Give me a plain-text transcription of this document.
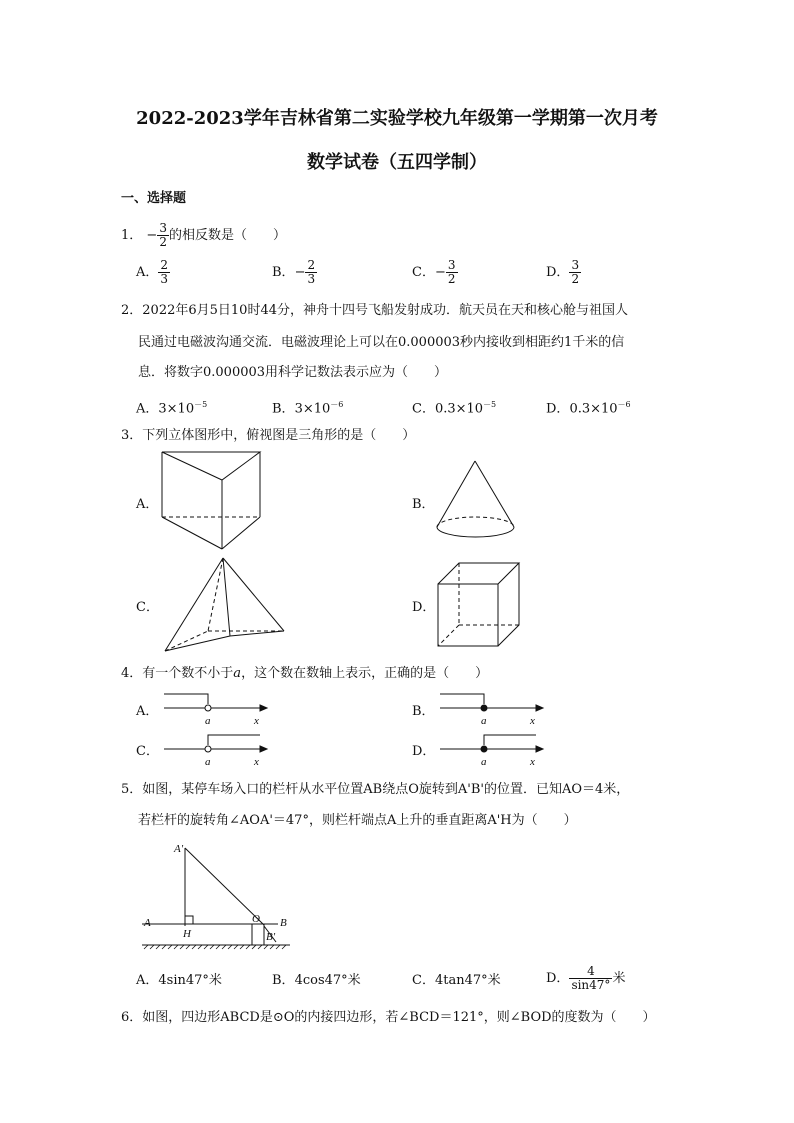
2022-2023学年吉林省第二实验学校九年级第一学期第一次月考
数学试卷（五四学制）
一、选择题
1． − $\frac{3}{2}$ 的相反数是（　　）
A． $\frac{2}{3}$	B．− $\frac{2}{3}$	C．− $\frac{3}{2}$	D． $\frac{3}{2}$
2．2022年6月5日10时44分，神舟十四号飞船发射成功．航天员在天和核心舱与祖国人
民通过电磁波沟通交流．电磁波理论上可以在0.000003秒内接收到相距约1千米的信
息．将数字0.000003用科学记数法表示应为（　　）
A．$3\times 10^{-5}$	B．$3\times 10^{-6}$	C．$0.3\times 10^{-5}$	D．$0.3\times 10^{-6}$
3．下列立体图形中，俯视图是三角形的是（　　）
A．	B．
C．	D．
4．有一个数不小于a，这个数在数轴上表示，正确的是（　　）
A．	B．
C．	D．
a	x	a	x
a	x	a	x
5．如图，某停车场入口的栏杆从水平位置AB绕点O旋转到A'B'的位置．已知AO＝4米，
若栏杆的旋转角∠AOA'＝47°，则栏杆端点A上升的垂直距离A'H为（　　）
A'
A
H
O B
B'
A．4sin47°米	B．4cos47°米	C．4tan47°米	D． $\frac{4}{\sin 47^\circ}$ 米
6．如图，四边形ABCD是⊙O的内接四边形，若∠BCD＝121°，则∠BOD的度数为（　　）
